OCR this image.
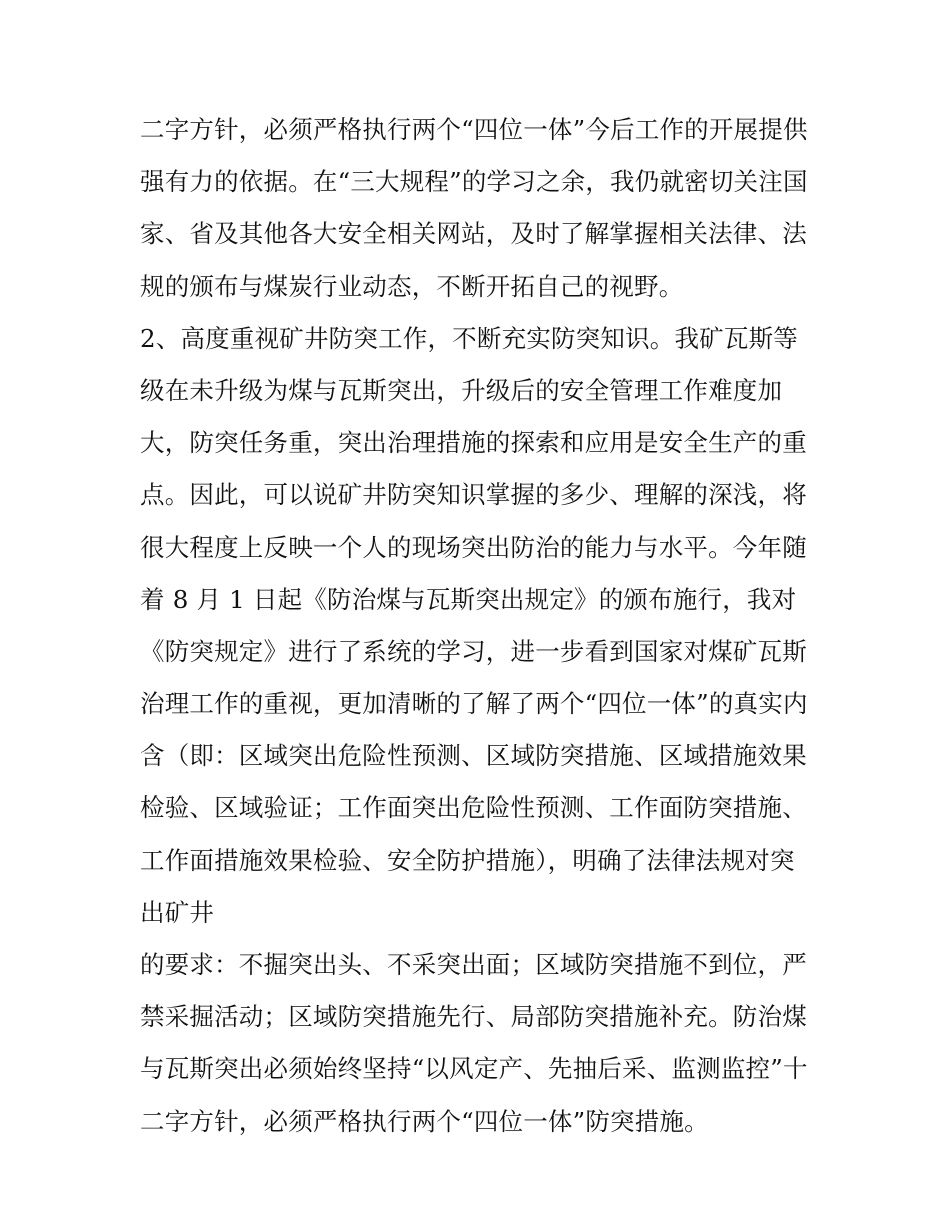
二字方针，必须严格执行两个“四位一体”今后工作的开展提供

强有力的依据。在“三大规程”的学习之余，我仍就密切关注国

家、省及其他各大安全相关网站，及时了解掌握相关法律、法

规的颁布与煤炭行业动态，不断开拓自己的视野。

2、高度重视矿井防突工作，不断充实防突知识。我矿瓦斯等

级在未升级为煤与瓦斯突出，升级后的安全管理工作难度加

大，防突任务重，突出治理措施的探索和应用是安全生产的重

点。因此，可以说矿井防突知识掌握的多少、理解的深浅，将

很大程度上反映一个人的现场突出防治的能力与水平。今年随

着 8 月 1 日起《防治煤与瓦斯突出规定》的颁布施行，我对

《防突规定》进行了系统的学习，进一步看到国家对煤矿瓦斯

治理工作的重视，更加清晰的了解了两个“四位一体”的真实内

含（即：区域突出危险性预测、区域防突措施、区域措施效果

检验、区域验证；工作面突出危险性预测、工作面防突措施、

工作面措施效果检验、安全防护措施），明确了法律法规对突

出矿井

的要求：不掘突出头、不采突出面；区域防突措施不到位，严

禁采掘活动；区域防突措施先行、局部防突措施补充。防治煤

与瓦斯突出必须始终坚持“以风定产、先抽后采、监测监控”十

二字方针，必须严格执行两个“四位一体”防突措施。
